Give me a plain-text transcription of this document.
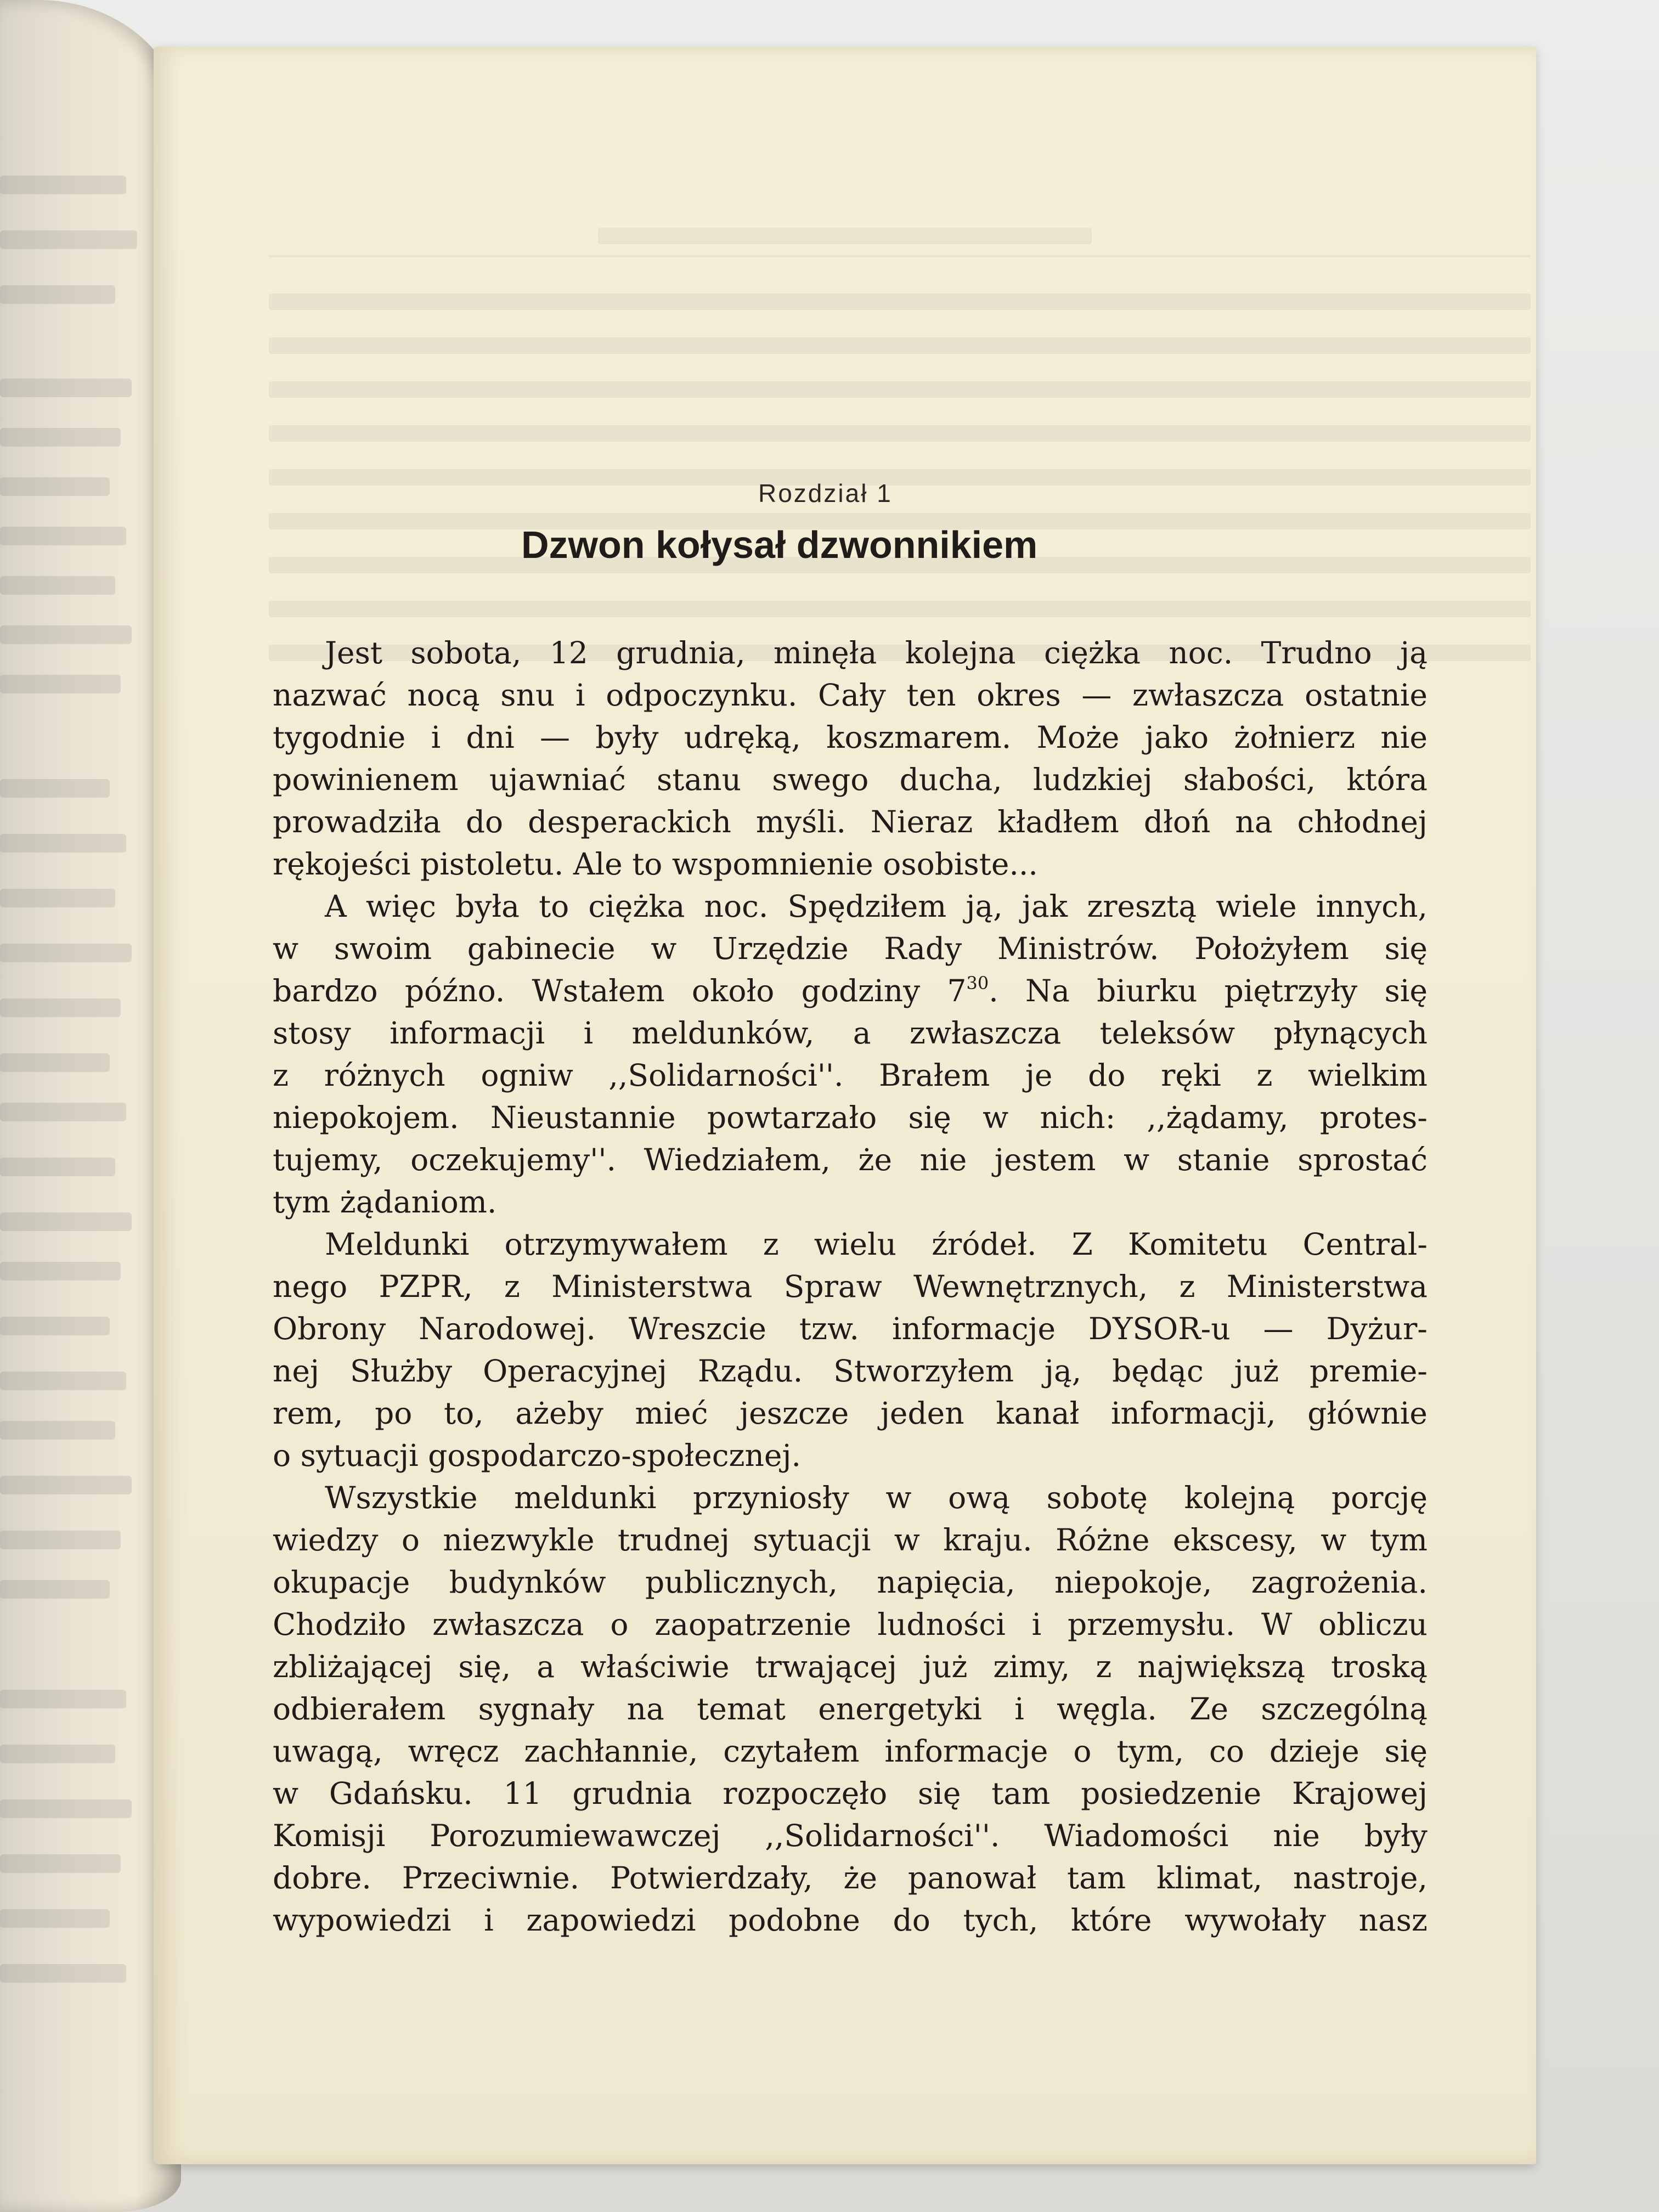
Rozdział 1
Dzwon kołysał dzwonnikiem
Jest sobota, 12 grudnia, minęła kolejna ciężka noc. Trudno ją
nazwać nocą snu i odpoczynku. Cały ten okres — zwłaszcza ostatnie
tygodnie i dni — były udręką, koszmarem. Może jako żołnierz nie
powinienem ujawniać stanu swego ducha, ludzkiej słabości, która
prowadziła do desperackich myśli. Nieraz kładłem dłoń na chłodnej
rękojeści pistoletu. Ale to wspomnienie osobiste...
A więc była to ciężka noc. Spędziłem ją, jak zresztą wiele innych,
w swoim gabinecie w Urzędzie Rady Ministrów. Położyłem się
bardzo późno. Wstałem około godziny $7^{30}$. Na biurku piętrzyły się
stosy informacji i meldunków, a zwłaszcza teleksów płynących
z różnych ogniw ,,Solidarności''. Brałem je do ręki z wielkim
niepokojem. Nieustannie powtarzało się w nich: ,,żądamy, protes-
tujemy, oczekujemy''. Wiedziałem, że nie jestem w stanie sprostać
tym żądaniom.
Meldunki otrzymywałem z wielu źródeł. Z Komitetu Central-
nego PZPR, z Ministerstwa Spraw Wewnętrznych, z Ministerstwa
Obrony Narodowej. Wreszcie tzw. informacje DYSOR-u — Dyżur-
nej Służby Operacyjnej Rządu. Stworzyłem ją, będąc już premie-
rem, po to, ażeby mieć jeszcze jeden kanał informacji, głównie
o sytuacji gospodarczo-społecznej.
Wszystkie meldunki przyniosły w ową sobotę kolejną porcję
wiedzy o niezwykle trudnej sytuacji w kraju. Różne ekscesy, w tym
okupacje budynków publicznych, napięcia, niepokoje, zagrożenia.
Chodziło zwłaszcza o zaopatrzenie ludności i przemysłu. W obliczu
zbliżającej się, a właściwie trwającej już zimy, z największą troską
odbierałem sygnały na temat energetyki i węgla. Ze szczególną
uwagą, wręcz zachłannie, czytałem informacje o tym, co dzieje się
w Gdańsku. 11 grudnia rozpoczęło się tam posiedzenie Krajowej
Komisji Porozumiewawczej ,,Solidarności''. Wiadomości nie były
dobre. Przeciwnie. Potwierdzały, że panował tam klimat, nastroje,
wypowiedzi i zapowiedzi podobne do tych, które wywołały nasz
